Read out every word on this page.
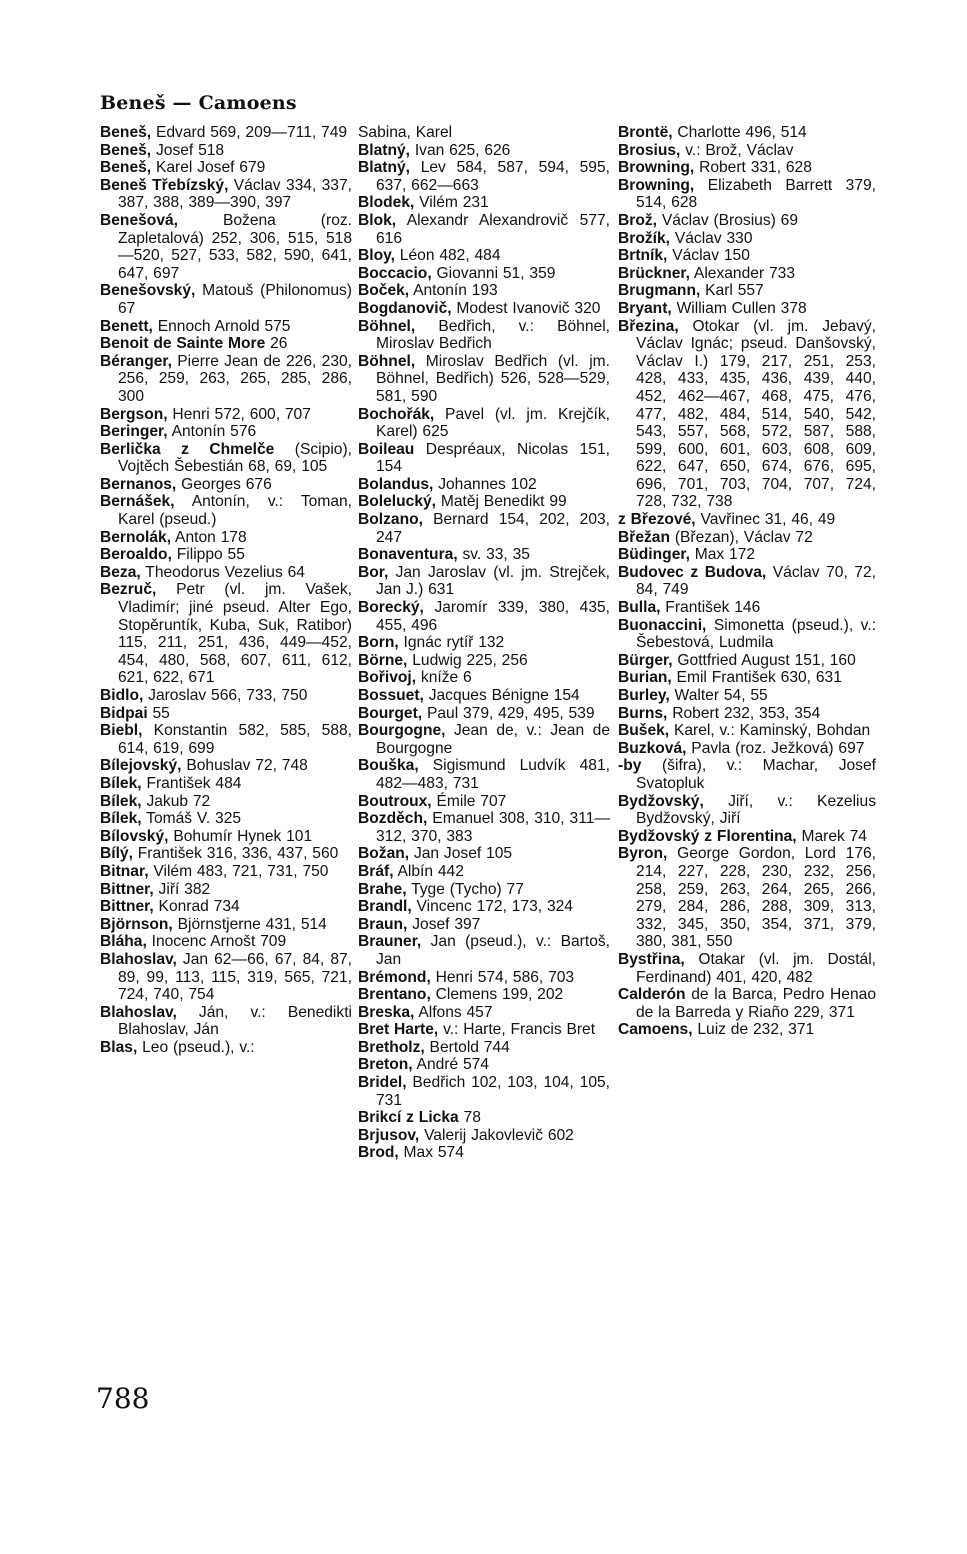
Beneš — Camoens

Beneš, Edvard 569, 209—711, 749

Beneš, Josef 518

Beneš, Karel Josef 679

Beneš Třebízský, Václav 334, 337, 387, 388, 389—390, 397

Benešová, Božena (roz. Zapletalová) 252, 306, 515, 518—520, 527, 533, 582, 590, 641, 647, 697

Benešovský, Matouš (Philonomus) 67

Benett, Ennoch Arnold 575

Benoit de Sainte More 26

Béranger, Pierre Jean de 226, 230, 256, 259, 263, 265, 285, 286, 300

Bergson, Henri 572, 600, 707

Beringer, Antonín 576

Berlička z Chmelče (Scipio), Vojtěch Šebestián 68, 69, 105

Bernanos, Georges 676

Bernášek, Antonín, v.: Toman, Karel (pseud.)

Bernolák, Anton 178

Beroaldo, Filippo 55

Beza, Theodorus Vezelius 64

Bezruč, Petr (vl. jm. Vašek, Vladimír; jiné pseud. Alter Ego, Stopěruntík, Kuba, Suk, Ratibor) 115, 211, 251, 436, 449—452, 454, 480, 568, 607, 611, 612, 621, 622, 671

Bidlo, Jaroslav 566, 733, 750

Bidpai 55

Biebl, Konstantin 582, 585, 588, 614, 619, 699

Bílejovský, Bohuslav 72, 748

Bílek, František 484

Bílek, Jakub 72

Bílek, Tomáš V. 325

Bílovský, Bohumír Hynek 101

Bílý, František 316, 336, 437, 560

Bitnar, Vilém 483, 721, 731, 750

Bittner, Jiří 382

Bittner, Konrad 734

Björnson, Björnstjerne 431, 514

Bláha, Inocenc Arnošt 709

Blahoslav, Jan 62—66, 67, 84, 87, 89, 99, 113, 115, 319, 565, 721, 724, 740, 754

Blahoslav, Ján, v.: Benedikti Blahoslav, Ján

Blas, Leo (pseud.), v.:

Sabina, Karel

Blatný, Ivan 625, 626

Blatný, Lev 584, 587, 594, 595, 637, 662—663

Blodek, Vilém 231

Blok, Alexandr Alexandrovič 577, 616

Bloy, Léon 482, 484

Boccacio, Giovanni 51, 359

Boček, Antonín 193

Bogdanovič, Modest Ivanovič 320

Böhnel, Bedřich, v.: Böhnel, Miroslav Bedřich

Böhnel, Miroslav Bedřich (vl. jm. Böhnel, Bedřich) 526, 528—529, 581, 590

Bochořák, Pavel (vl. jm. Krejčík, Karel) 625

Boileau Despréaux, Nicolas 151, 154

Bolandus, Johannes 102

Bolelucký, Matěj Benedikt 99

Bolzano, Bernard 154, 202, 203, 247

Bonaventura, sv. 33, 35

Bor, Jan Jaroslav (vl. jm. Strejček, Jan J.) 631

Borecký, Jaromír 339, 380, 435, 455, 496

Born, Ignác rytíř 132

Börne, Ludwig 225, 256

Bořivoj, kníže 6

Bossuet, Jacques Bénigne 154

Bourget, Paul 379, 429, 495, 539

Bourgogne, Jean de, v.: Jean de Bourgogne

Bouška, Sigismund Ludvík 481, 482—483, 731

Boutroux, Émile 707

Bozděch, Emanuel 308, 310, 311—312, 370, 383

Božan, Jan Josef 105

Bráf, Albín 442

Brahe, Tyge (Tycho) 77

Brandl, Vincenc 172, 173, 324

Braun, Josef 397

Brauner, Jan (pseud.), v.: Bartoš, Jan

Brémond, Henri 574, 586, 703

Brentano, Clemens 199, 202

Breska, Alfons 457

Bret Harte, v.: Harte, Francis Bret

Bretholz, Bertold 744

Breton, André 574

Bridel, Bedřich 102, 103, 104, 105, 731

Brikcí z Licka 78

Brjusov, Valerij Jakovlevič 602

Brod, Max 574

Brontë, Charlotte 496, 514

Brosius, v.: Brož, Václav

Browning, Robert 331, 628

Browning, Elizabeth Barrett 379, 514, 628

Brož, Václav (Brosius) 69

Brožík, Václav 330

Brtník, Václav 150

Brückner, Alexander 733

Brugmann, Karl 557

Bryant, William Cullen 378

Březina, Otokar (vl. jm. Jebavý, Václav Ignác; pseud. Danšovský, Václav I.) 179, 217, 251, 253, 428, 433, 435, 436, 439, 440, 452, 462—467, 468, 475, 476, 477, 482, 484, 514, 540, 542, 543, 557, 568, 572, 587, 588, 599, 600, 601, 603, 608, 609, 622, 647, 650, 674, 676, 695, 696, 701, 703, 704, 707, 724, 728, 732, 738

z Březové, Vavřinec 31, 46, 49

Břežan (Březan), Václav 72

Büdinger, Max 172

Budovec z Budova, Václav 70, 72, 84, 749

Bulla, František 146

Buonaccini, Simonetta (pseud.), v.: Šebestová, Ludmila

Bürger, Gottfried August 151, 160

Burian, Emil František 630, 631

Burley, Walter 54, 55

Burns, Robert 232, 353, 354

Bušek, Karel, v.: Kaminský, Bohdan

Buzková, Pavla (roz. Ježková) 697

-by (šifra), v.: Machar, Josef Svatopluk

Bydžovský, Jiří, v.: Kezelius Bydžovský, Jiří

Bydžovský z Florentina, Marek 74

Byron, George Gordon, Lord 176, 214, 227, 228, 230, 232, 256, 258, 259, 263, 264, 265, 266, 279, 284, 286, 288, 309, 313, 332, 345, 350, 354, 371, 379, 380, 381, 550

Bystřina, Otakar (vl. jm. Dostál, Ferdinand) 401, 420, 482

Calderón de la Barca, Pedro Henao de la Barreda y Riaño 229, 371

Camoens, Luiz de 232, 371

788
